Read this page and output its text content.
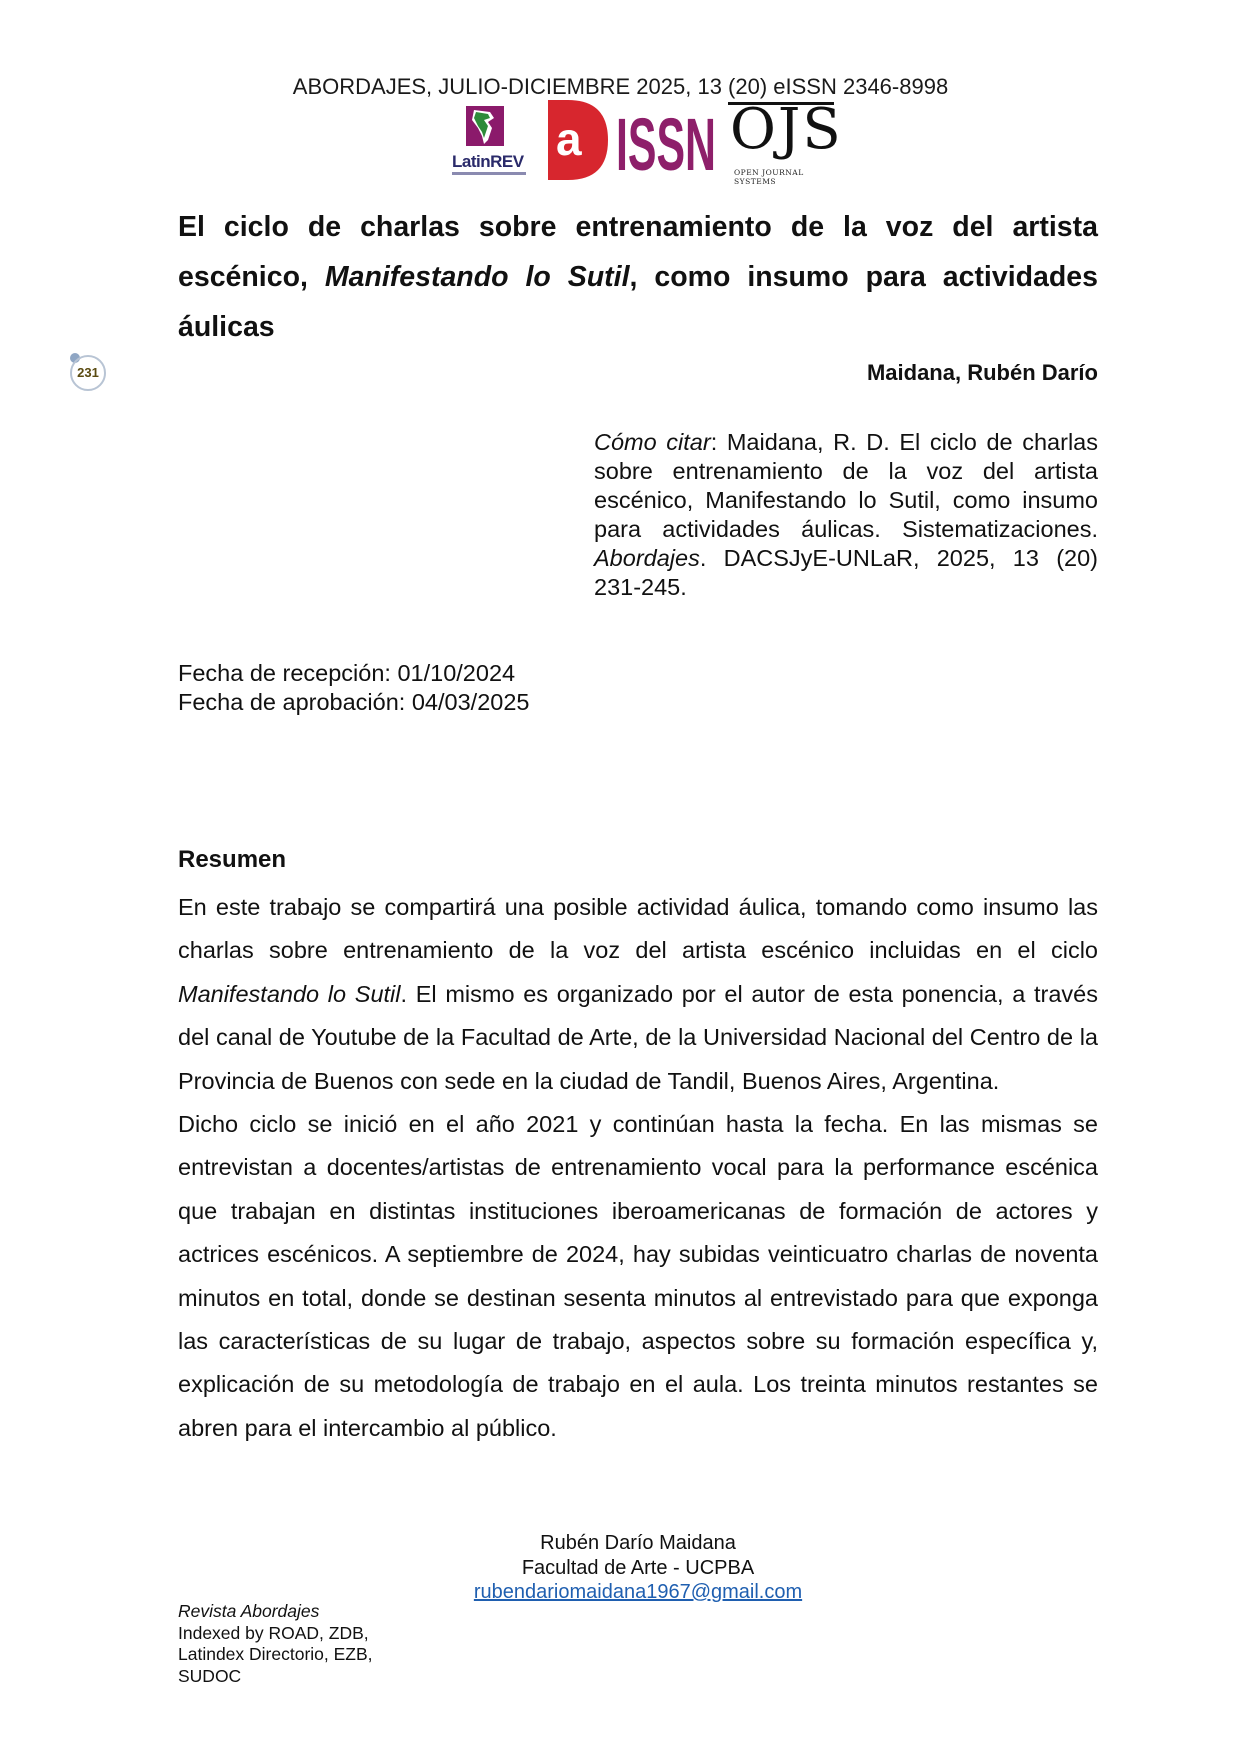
ABORDAJES, JULIO-DICIEMBRE 2025, 13 (20) eISSN 2346-8998
LatinREV a ISSN OJS
OPEN JOURNAL SYSTEMS
El ciclo de charlas sobre entrenamiento de la voz del artista escénico, Manifestando lo Sutil, como insumo para actividades áulicas
231	Maidana, Rubén Darío

Cómo citar: Maidana, R. D. El ciclo de charlas sobre entrenamiento de la voz del artista escénico, Manifestando lo Sutil, como insumo para actividades áulicas. Sistematizaciones. Abordajes. DACSJyE-UNLaR, 2025, 13 (20) 231-245.

Fecha de recepción: 01/10/2024
Fecha de aprobación: 04/03/2025
Resumen

En este trabajo se compartirá una posible actividad áulica, tomando como insumo las charlas sobre entrenamiento de la voz del artista escénico incluidas en el ciclo Manifestando lo Sutil. El mismo es organizado por el autor de esta ponencia, a través del canal de Youtube de la Facultad de Arte, de la Universidad Nacional del Centro de la Provincia de Buenos con sede en la ciudad de Tandil, Buenos Aires, Argentina.

Dicho ciclo se inició en el año 2021 y continúan hasta la fecha. En las mismas se entrevistan a docentes/artistas de entrenamiento vocal para la performance escénica que trabajan en distintas instituciones iberoamericanas de formación de actores y actrices escénicos. A septiembre de 2024, hay subidas veinticuatro charlas de noventa minutos en total, donde se destinan sesenta minutos al entrevistado para que exponga las características de su lugar de trabajo, aspectos sobre su formación específica y, explicación de su metodología de trabajo en el aula. Los treinta minutos restantes se abren para el intercambio al público.

Rubén Darío Maidana
Facultad de Arte - UCPBA
rubendariomaidana1967@gmail.com
Revista Abordajes
Indexed by ROAD, ZDB,
Latindex Directorio, EZB,
SUDOC
